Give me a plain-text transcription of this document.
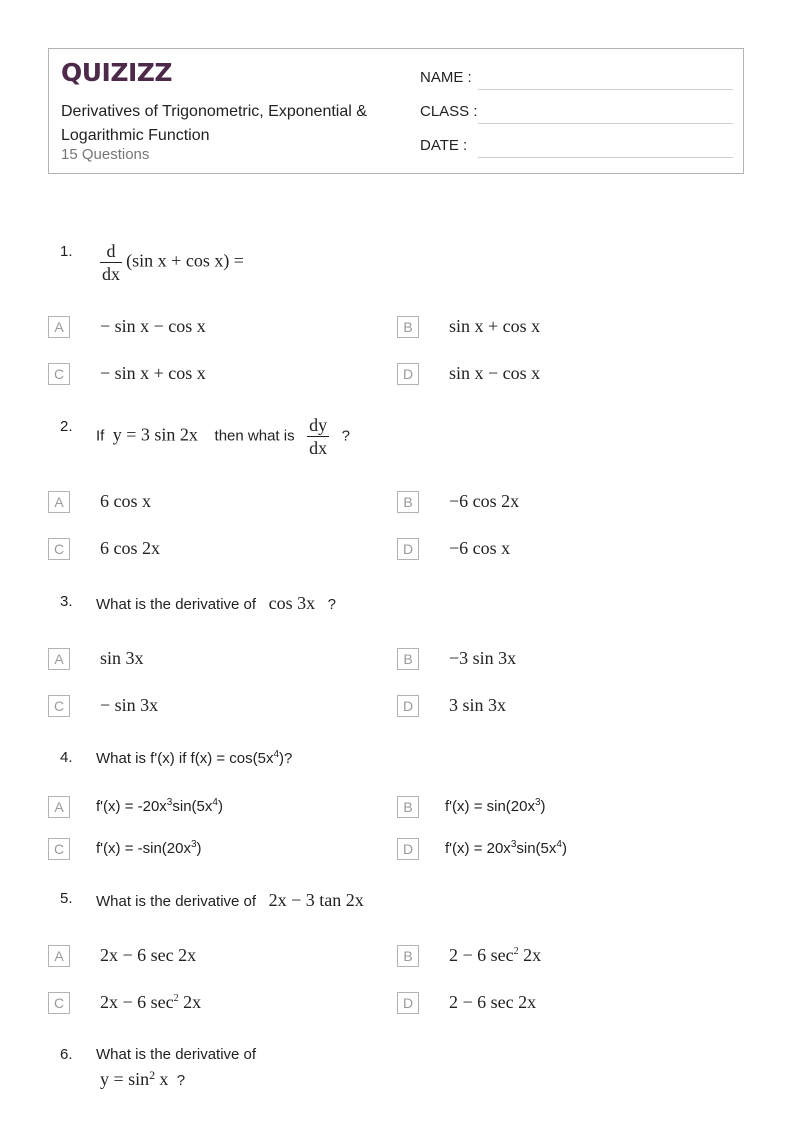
QUIZIZZ
Derivatives of Trigonometric, Exponential & Logarithmic Function
15 Questions
NAME :
CLASS :
DATE :
1. $\frac{d}{dx} (\sin$ x + cos x) =
A	− sin x − cos x	B	sin x + cos x
C	− sin x + cos x	D	sin x − cos x
2.
If y = 3 sin 2x then what is $\frac{dy}{dx}$ ?
A	6 cos x	B	−6 cos 2x
C	6 cos 2x	D	−6 cos x
3. What is the derivative of cos 3x ?
A	sin 3x	B	−3 sin 3x
C	− sin 3x	D	3 sin 3x
4. What is f'(x) if $f(x) = \cos(5x^4)$?
A	$f'(x) = -20x^3\sin(5x^4)$	B	$f'(x) = \sin(20x^3)$
C	$f'(x) = -\sin(20x^3)$	D	$f'(x) = 20x^3\sin(5x^4)$
5. What is the derivative of 2x − 3 tan 2x
A	2x − 6 sec 2x	B	2 − 6 $\sec^2 2x$
C	2x − 6 $\sec^2 2x$	D	2 − 6 sec 2x
6. What is the derivative of
$y = \sin^2 x$ ?
